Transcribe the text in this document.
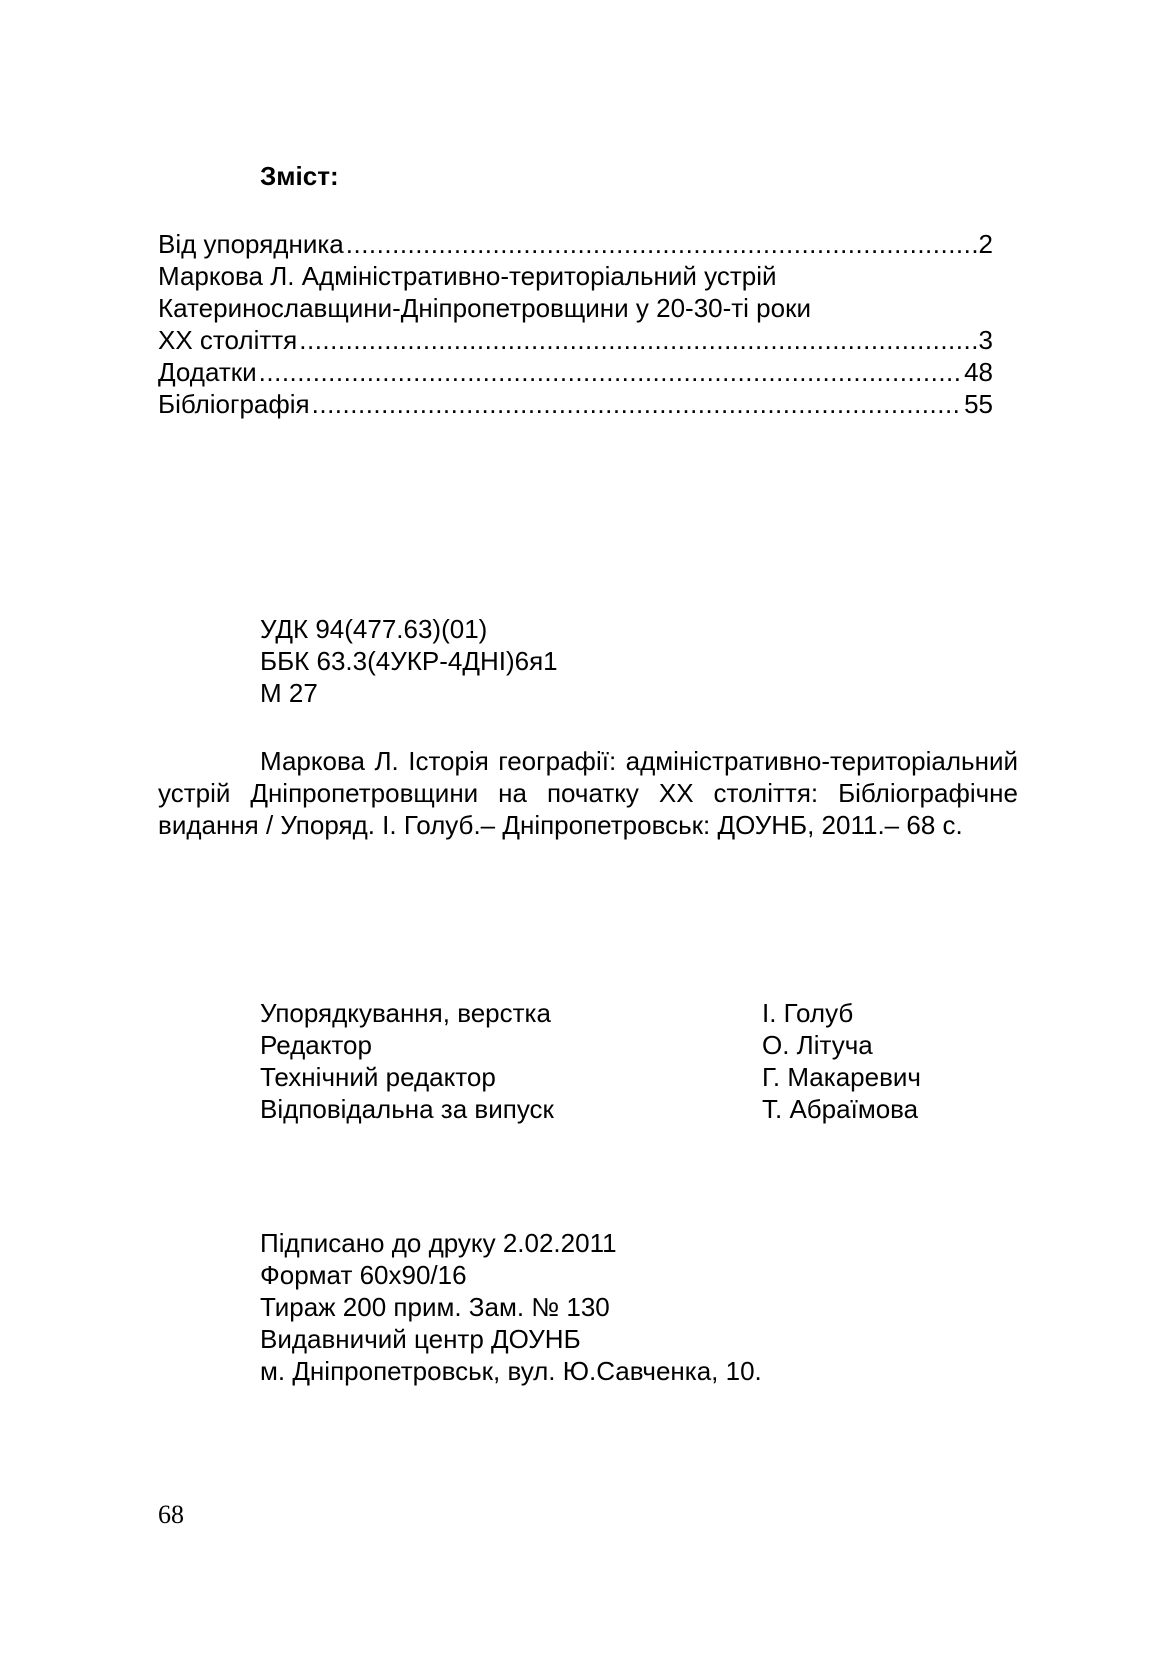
Зміст:
Від упорядника .....	2
Маркова Л. Адміністративно-територіальний устрій
Катеринославщини-Дніпропетровщини у 20-30-ті роки
XX століття .....	3
Додатки .....	48
Бібліографія .....	55
УДК 94(477.63)(01)
ББК 63.3(4УКР-4ДНІ)6я1
М 27
Маркова Л. Історія географії: адміністративно-територіальний устрій Дніпропетровщини на початку XX століття: Бібліографічне видання / Упоряд. І. Голуб.– Дніпропетровськ: ДОУНБ, 2011.– 68 с.
Упорядкування, верстка	І. Голуб
Редактор	О. Літуча
Технічний редактор	Г. Макаревич
Відповідальна за випуск	Т. Абраїмова
Підписано до друку 2.02.2011
Формат 60x90/16
Тираж 200 прим. Зам. № 130
Видавничий центр ДОУНБ
м. Дніпропетровськ, вул. Ю.Савченка, 10.
68
